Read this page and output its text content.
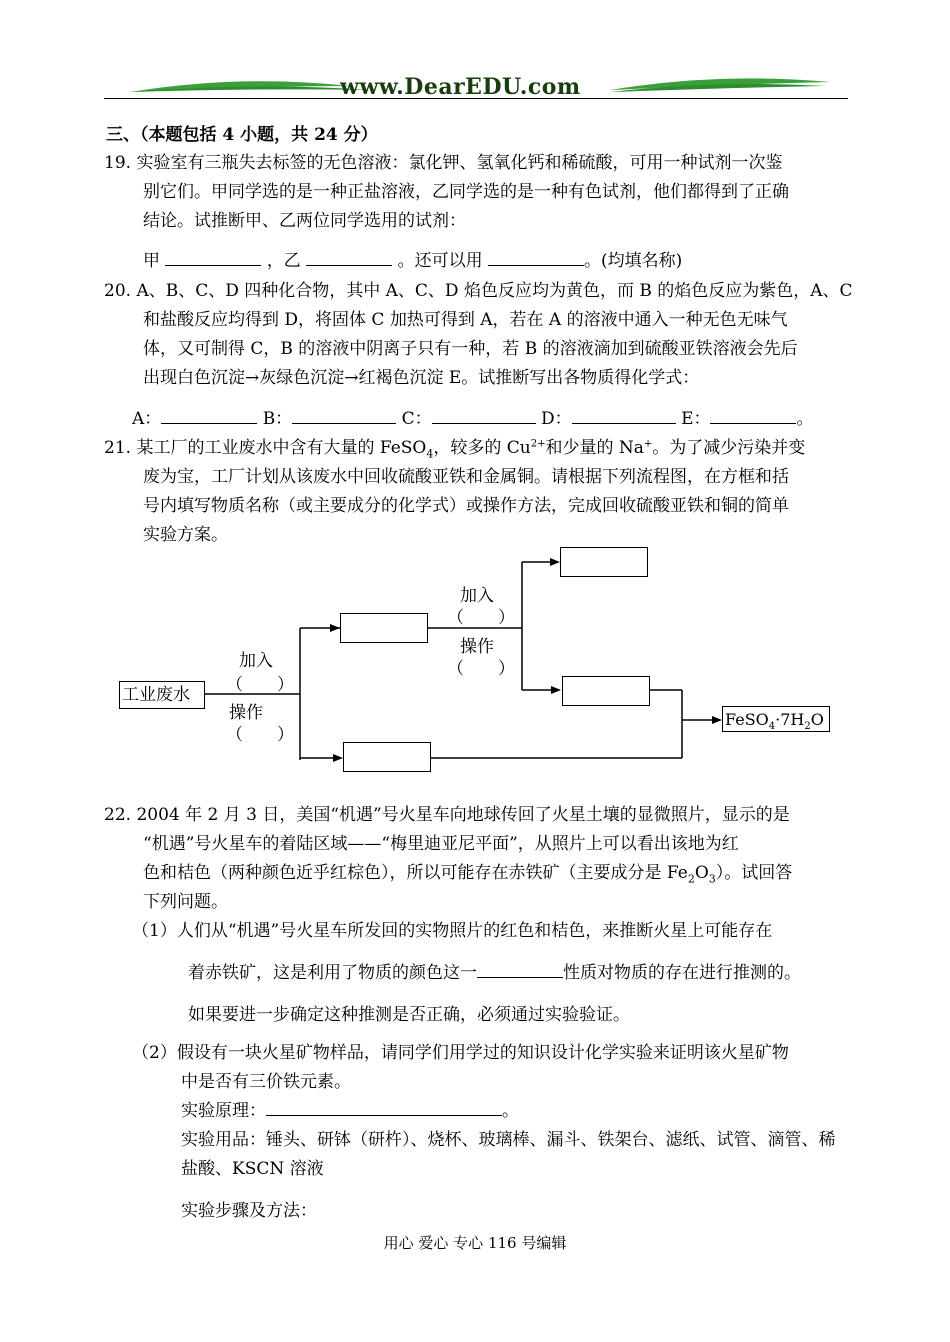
www.DearEDU.com
三、（本题包括 4 小题，共 24 分）
19. 实验室有三瓶失去标签的无色溶液：氯化钾、氢氧化钙和稀硫酸，可用一种试剂一次鉴
别它们。甲同学选的是一种正盐溶液，乙同学选的是一种有色试剂，他们都得到了正确
结论。试推断甲、乙两位同学选用的试剂：
甲	，乙	。还可以用	。(均填名称)
20. A、B、C、D 四种化合物，其中 A、C、D 焰色反应均为黄色，而 B 的焰色反应为紫色，A、C
和盐酸反应均得到 D，将固体 C 加热可得到 A，若在 A 的溶液中通入一种无色无味气
体，又可制得 C，B 的溶液中阴离子只有一种，若 B 的溶液滴加到硫酸亚铁溶液会先后
出现白色沉淀→灰绿色沉淀→红褐色沉淀 E。试推断写出各物质得化学式：
A：	B：	C：	D：	E：	。
21. 某工厂的工业废水中含有大量的 FeSO$_4$，较多的 $Cu^{2+}$和少量的 Na+。为了减少污染并变
废为宝，工厂计划从该废水中回收硫酸亚铁和金属铜。请根据下列流程图，在方框和括
号内填写物质名称（或主要成分的化学式）或操作方法，完成回收硫酸亚铁和铜的简单
实验方案。
工业废水
$FeSO_4\cdot 7H_2O$
加入
（　　）
操作
（　　）
加入
（　　）
操作
（　　）
22. 2004 年 2 月 3 日，美国“机遇”号火星车向地球传回了火星土壤的显微照片，显示的是
“机遇”号火星车的着陆区域——“梅里迪亚尼平面”，从照片上可以看出该地为红
色和桔色（两种颜色近乎红棕色），所以可能存在赤铁矿（主要成分是 $Fe_2O_3$）。试回答
下列问题。
（1）人们从“机遇”号火星车所发回的实物照片的红色和桔色，来推断火星上可能存在
着赤铁矿，这是利用了物质的颜色这一	性质对物质的存在进行推测的。
如果要进一步确定这种推测是否正确，必须通过实验验证。
（2）假设有一块火星矿物样品，请同学们用学过的知识设计化学实验来证明该火星矿物
中是否有三价铁元素。
实验原理：	。
实验用品：锤头、研钵（研杵）、烧杯、玻璃棒、漏斗、铁架台、滤纸、试管、滴管、稀
盐酸、KSCN 溶液
实验步骤及方法：
用心 爱心 专心 116 号编辑
